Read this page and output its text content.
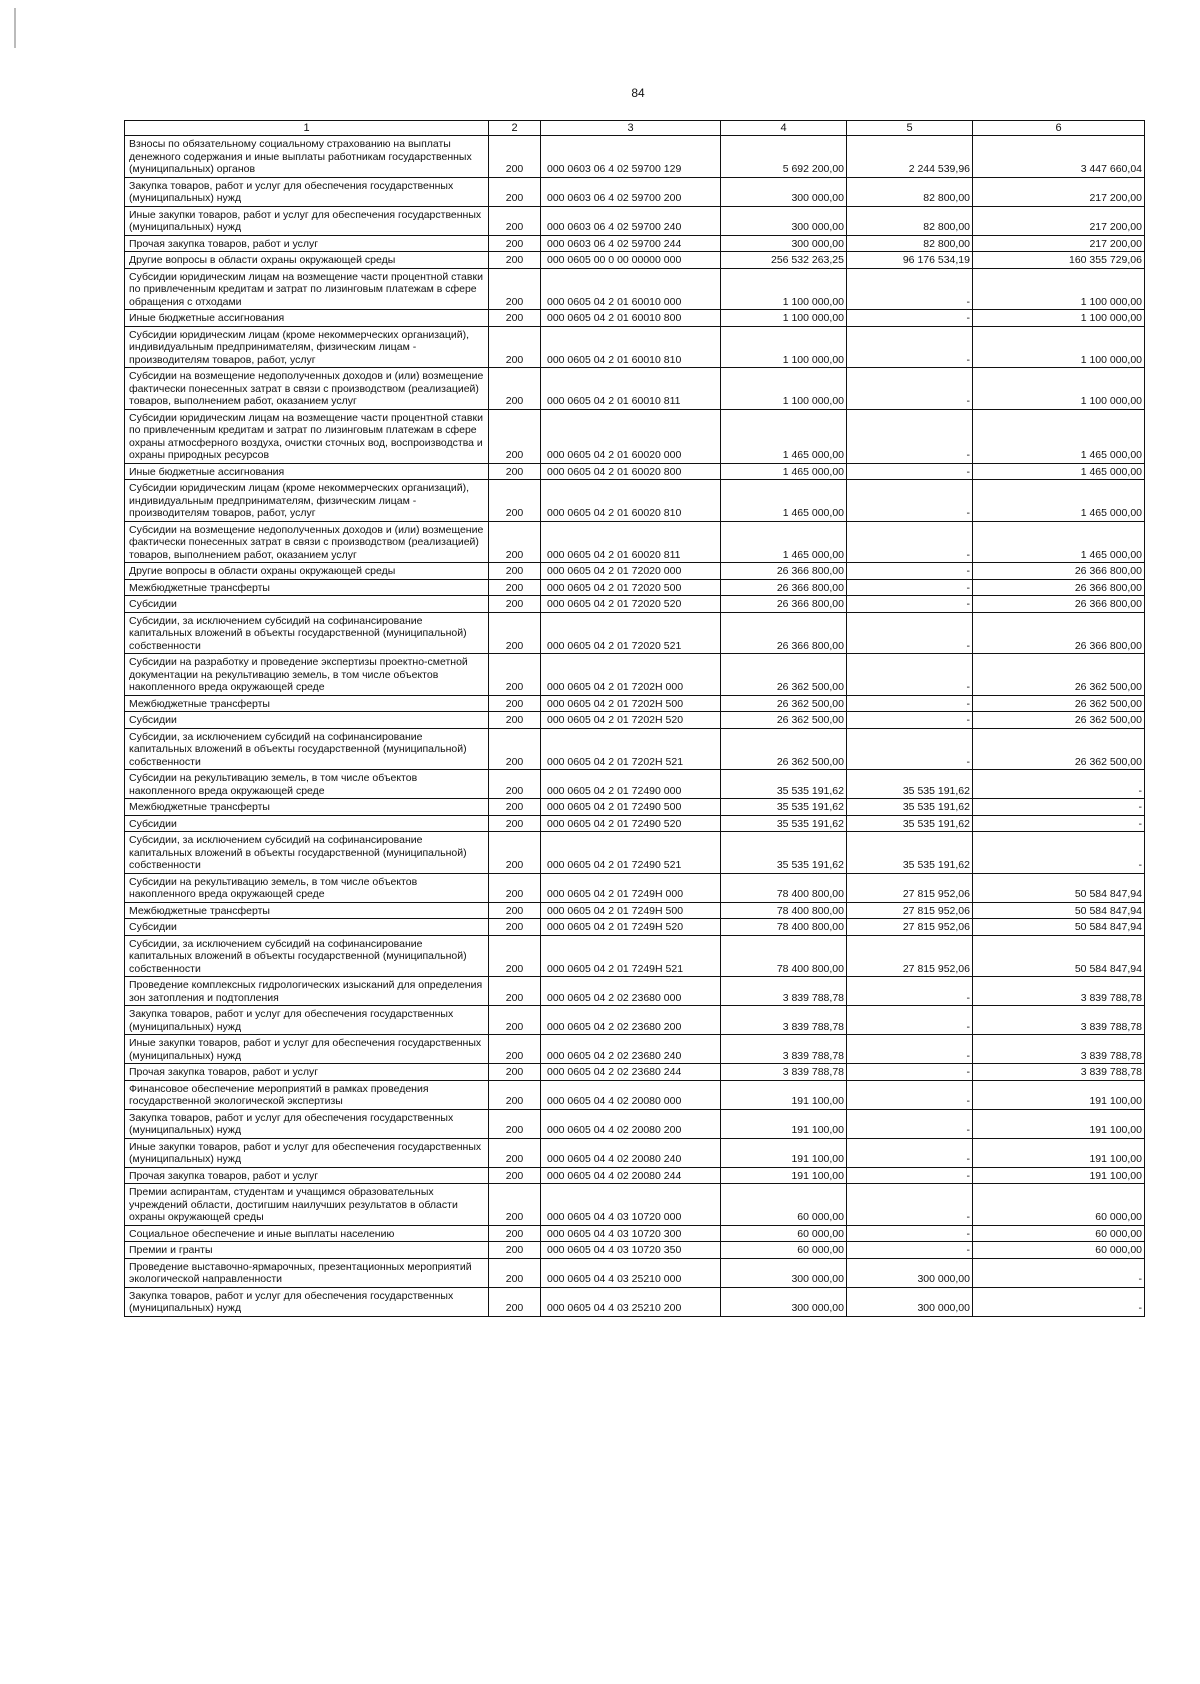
84
1	2	3	4	5	6
Взносы по обязательному социальному страхованию на выплаты денежного содержания и иные выплаты работникам государственных (муниципальных) органов	200	000 0603 06 4 02 59700 129	5 692 200,00	2 244 539,96	3 447 660,04
Закупка товаров, работ и услуг для обеспечения государственных (муниципальных) нужд	200	000 0603 06 4 02 59700 200	300 000,00	82 800,00	217 200,00
Иные закупки товаров, работ и услуг для обеспечения государственных (муниципальных) нужд	200	000 0603 06 4 02 59700 240	300 000,00	82 800,00	217 200,00
Прочая закупка товаров, работ и услуг	200	000 0603 06 4 02 59700 244	300 000,00	82 800,00	217 200,00
Другие вопросы в области охраны окружающей среды	200	000 0605 00 0 00 00000 000	256 532 263,25	96 176 534,19	160 355 729,06
Субсидии юридическим лицам на возмещение части процентной ставки по привлеченным кредитам и затрат по лизинговым платежам в сфере обращения с отходами	200	000 0605 04 2 01 60010 000	1 100 000,00	-	1 100 000,00
Иные бюджетные ассигнования	200	000 0605 04 2 01 60010 800	1 100 000,00	-	1 100 000,00
Субсидии юридическим лицам (кроме некоммерческих организаций), индивидуальным предпринимателям, физическим лицам - производителям товаров, работ, услуг	200	000 0605 04 2 01 60010 810	1 100 000,00	-	1 100 000,00
Субсидии на возмещение недополученных доходов и (или) возмещение фактически понесенных затрат в связи с производством (реализацией) товаров, выполнением работ, оказанием услуг	200	000 0605 04 2 01 60010 811	1 100 000,00	-	1 100 000,00
Субсидии юридическим лицам на возмещение части процентной ставки по привлеченным кредитам и затрат по лизинговым платежам в сфере охраны атмосферного воздуха, очистки сточных вод, воспроизводства и охраны природных ресурсов	200	000 0605 04 2 01 60020 000	1 465 000,00	-	1 465 000,00
Иные бюджетные ассигнования	200	000 0605 04 2 01 60020 800	1 465 000,00	-	1 465 000,00
Субсидии юридическим лицам (кроме некоммерческих организаций), индивидуальным предпринимателям, физическим лицам - производителям товаров, работ, услуг	200	000 0605 04 2 01 60020 810	1 465 000,00	-	1 465 000,00
Субсидии на возмещение недополученных доходов и (или) возмещение фактически понесенных затрат в связи с производством (реализацией) товаров, выполнением работ, оказанием услуг	200	000 0605 04 2 01 60020 811	1 465 000,00	-	1 465 000,00
Другие вопросы в области охраны окружающей среды	200	000 0605 04 2 01 72020 000	26 366 800,00	-	26 366 800,00
Межбюджетные трансферты	200	000 0605 04 2 01 72020 500	26 366 800,00	-	26 366 800,00
Субсидии	200	000 0605 04 2 01 72020 520	26 366 800,00	-	26 366 800,00
Субсидии, за исключением субсидий на софинансирование капитальных вложений в объекты государственной (муниципальной) собственности	200	000 0605 04 2 01 72020 521	26 366 800,00	-	26 366 800,00
Субсидии на разработку и проведение экспертизы проектно-сметной документации на рекультивацию земель, в том числе объектов накопленного вреда окружающей среде	200	000 0605 04 2 01 7202Н 000	26 362 500,00	-	26 362 500,00
Межбюджетные трансферты	200	000 0605 04 2 01 7202Н 500	26 362 500,00	-	26 362 500,00
Субсидии	200	000 0605 04 2 01 7202Н 520	26 362 500,00	-	26 362 500,00
Субсидии, за исключением субсидий на софинансирование капитальных вложений в объекты государственной (муниципальной) собственности	200	000 0605 04 2 01 7202Н 521	26 362 500,00	-	26 362 500,00
Субсидии на рекультивацию земель, в том числе объектов накопленного вреда окружающей среде	200	000 0605 04 2 01 72490 000	35 535 191,62	35 535 191,62	-
Межбюджетные трансферты	200	000 0605 04 2 01 72490 500	35 535 191,62	35 535 191,62	-
Субсидии	200	000 0605 04 2 01 72490 520	35 535 191,62	35 535 191,62	-
Субсидии, за исключением субсидий на софинансирование капитальных вложений в объекты государственной (муниципальной) собственности	200	000 0605 04 2 01 72490 521	35 535 191,62	35 535 191,62	-
Субсидии на рекультивацию земель, в том числе объектов накопленного вреда окружающей среде	200	000 0605 04 2 01 7249Н 000	78 400 800,00	27 815 952,06	50 584 847,94
Межбюджетные трансферты	200	000 0605 04 2 01 7249Н 500	78 400 800,00	27 815 952,06	50 584 847,94
Субсидии	200	000 0605 04 2 01 7249Н 520	78 400 800,00	27 815 952,06	50 584 847,94
Субсидии, за исключением субсидий на софинансирование капитальных вложений в объекты государственной (муниципальной) собственности	200	000 0605 04 2 01 7249Н 521	78 400 800,00	27 815 952,06	50 584 847,94
Проведение комплексных гидрологических изысканий для определения зон затопления и подтопления	200	000 0605 04 2 02 23680 000	3 839 788,78	-	3 839 788,78
Закупка товаров, работ и услуг для обеспечения государственных (муниципальных) нужд	200	000 0605 04 2 02 23680 200	3 839 788,78	-	3 839 788,78
Иные закупки товаров, работ и услуг для обеспечения государственных (муниципальных) нужд	200	000 0605 04 2 02 23680 240	3 839 788,78	-	3 839 788,78
Прочая закупка товаров, работ и услуг	200	000 0605 04 2 02 23680 244	3 839 788,78	-	3 839 788,78
Финансовое обеспечение мероприятий в рамках проведения государственной экологической экспертизы	200	000 0605 04 4 02 20080 000	191 100,00	-	191 100,00
Закупка товаров, работ и услуг для обеспечения государственных (муниципальных) нужд	200	000 0605 04 4 02 20080 200	191 100,00	-	191 100,00
Иные закупки товаров, работ и услуг для обеспечения государственных (муниципальных) нужд	200	000 0605 04 4 02 20080 240	191 100,00	-	191 100,00
Прочая закупка товаров, работ и услуг	200	000 0605 04 4 02 20080 244	191 100,00	-	191 100,00
Премии аспирантам, студентам и учащимся образовательных учреждений области, достигшим наилучших результатов в области охраны окружающей среды	200	000 0605 04 4 03 10720 000	60 000,00	-	60 000,00
Социальное обеспечение и иные выплаты населению	200	000 0605 04 4 03 10720 300	60 000,00	-	60 000,00
Премии и гранты	200	000 0605 04 4 03 10720 350	60 000,00	-	60 000,00
Проведение выставочно-ярмарочных, презентационных мероприятий экологической направленности	200	000 0605 04 4 03 25210 000	300 000,00	300 000,00	-
Закупка товаров, работ и услуг для обеспечения государственных (муниципальных) нужд	200	000 0605 04 4 03 25210 200	300 000,00	300 000,00	-
